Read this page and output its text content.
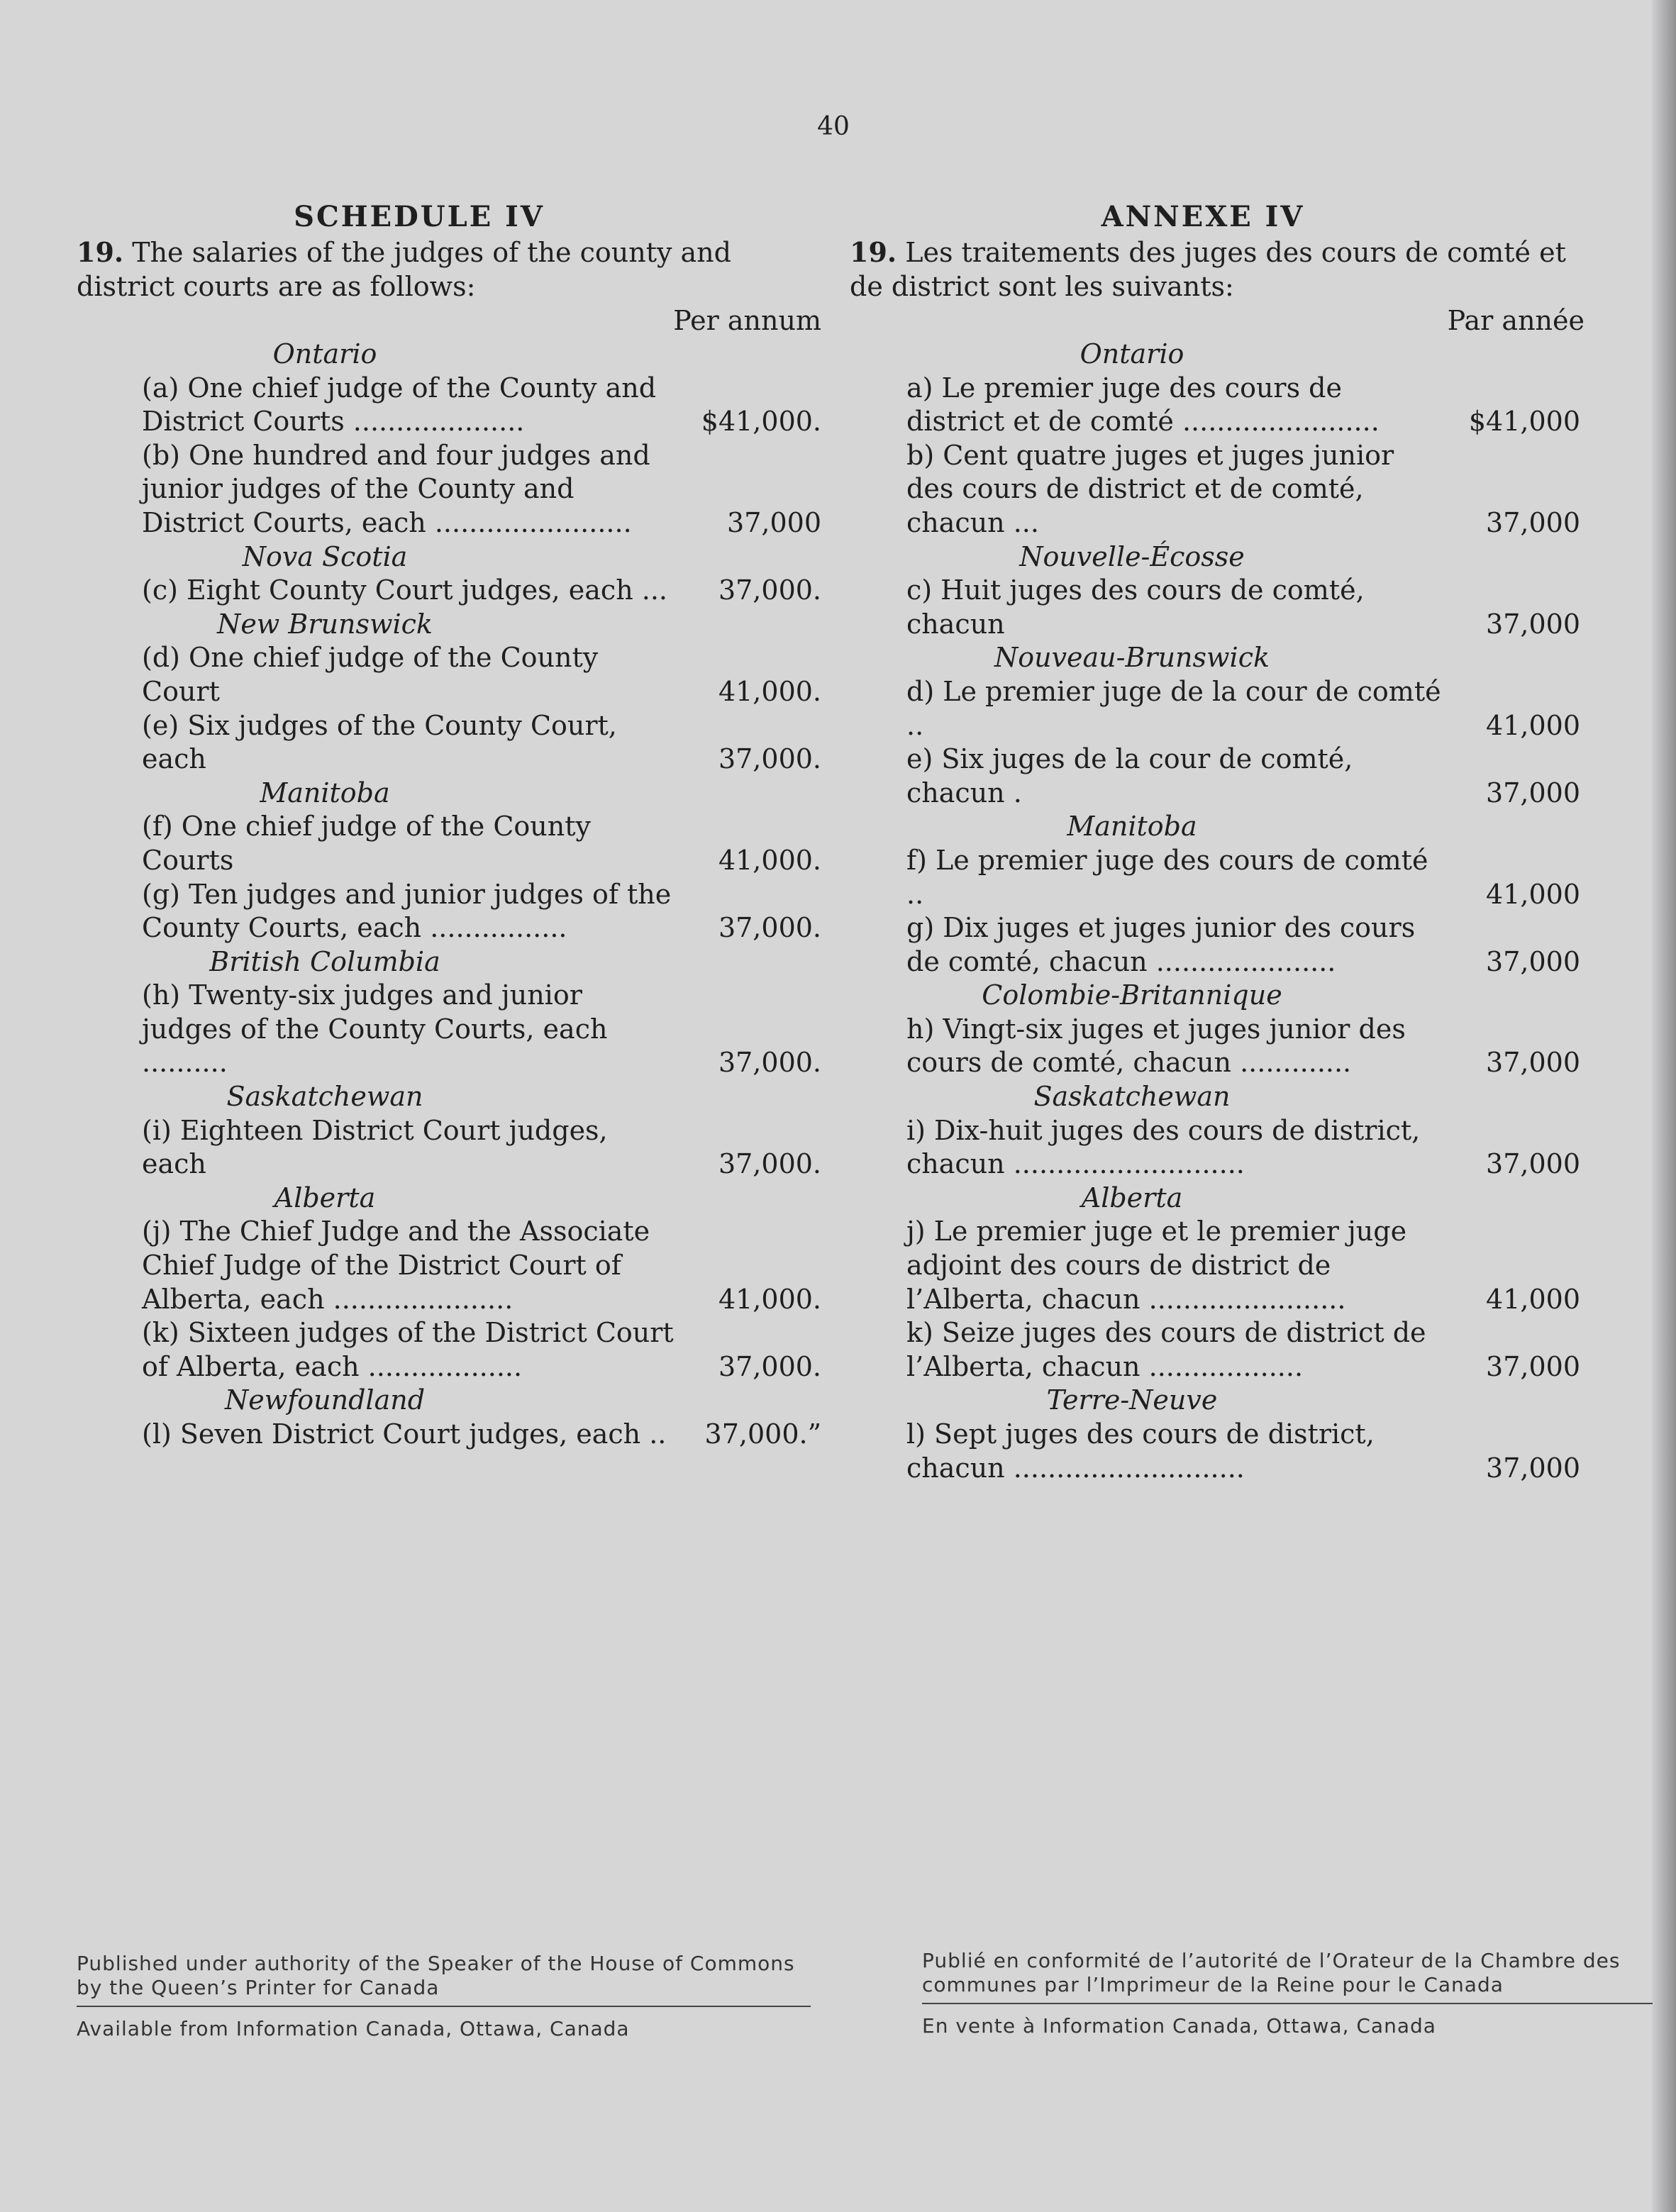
40
SCHEDULE IV

19. The salaries of the judges of the county and district courts are as follows:

Per annum
Ontario
(a) One chief judge of the County and District Courts ....................	$41,000.
(b) One hundred and four judges and junior judges of the County and District Courts, each .......................	37,000
Nova Scotia
(c) Eight County Court judges, each ...	37,000.
New Brunswick
(d) One chief judge of the County Court	41,000.
(e) Six judges of the County Court, each	37,000.
Manitoba
(f) One chief judge of the County Courts	41,000.
(g) Ten judges and junior judges of the County Courts, each ................	37,000.
British Columbia
(h) Twenty-six judges and junior judges of the County Courts, each ..........	37,000.
Saskatchewan
(i) Eighteen District Court judges, each	37,000.
Alberta
(j) The Chief Judge and the Associate Chief Judge of the District Court of Alberta, each .....................	41,000.
(k) Sixteen judges of the District Court of Alberta, each ..................	37,000.
Newfoundland
(l) Seven District Court judges, each ..	37,000.”
ANNEXE IV

19. Les traitements des juges des cours de comté et de district sont les suivants:

Par année
Ontario
a) Le premier juge des cours de district et de comté .......................	$41,000
b) Cent quatre juges et juges junior des cours de district et de comté, chacun ...	37,000
Nouvelle-Écosse
c) Huit juges des cours de comté, chacun	37,000
Nouveau-Brunswick
d) Le premier juge de la cour de comté ..	41,000
e) Six juges de la cour de comté, chacun .	37,000
Manitoba
f) Le premier juge des cours de comté ..	41,000
g) Dix juges et juges junior des cours de comté, chacun .....................	37,000
Colombie-Britannique
h) Vingt-six juges et juges junior des cours de comté, chacun .............	37,000
Saskatchewan
i) Dix-huit juges des cours de district, chacun ...........................	37,000
Alberta
j) Le premier juge et le premier juge adjoint des cours de district de l’Alberta, chacun .......................	41,000
k) Seize juges des cours de district de l’Alberta, chacun ..................	37,000
Terre-Neuve
l) Sept juges des cours de district, chacun ...........................	37,000
Published under authority of the Speaker of the House of Commons by the Queen’s Printer for Canada
Available from Information Canada, Ottawa, Canada
Publié en conformité de l’autorité de l’Orateur de la Chambre des communes par l’Imprimeur de la Reine pour le Canada
En vente à Information Canada, Ottawa, Canada
